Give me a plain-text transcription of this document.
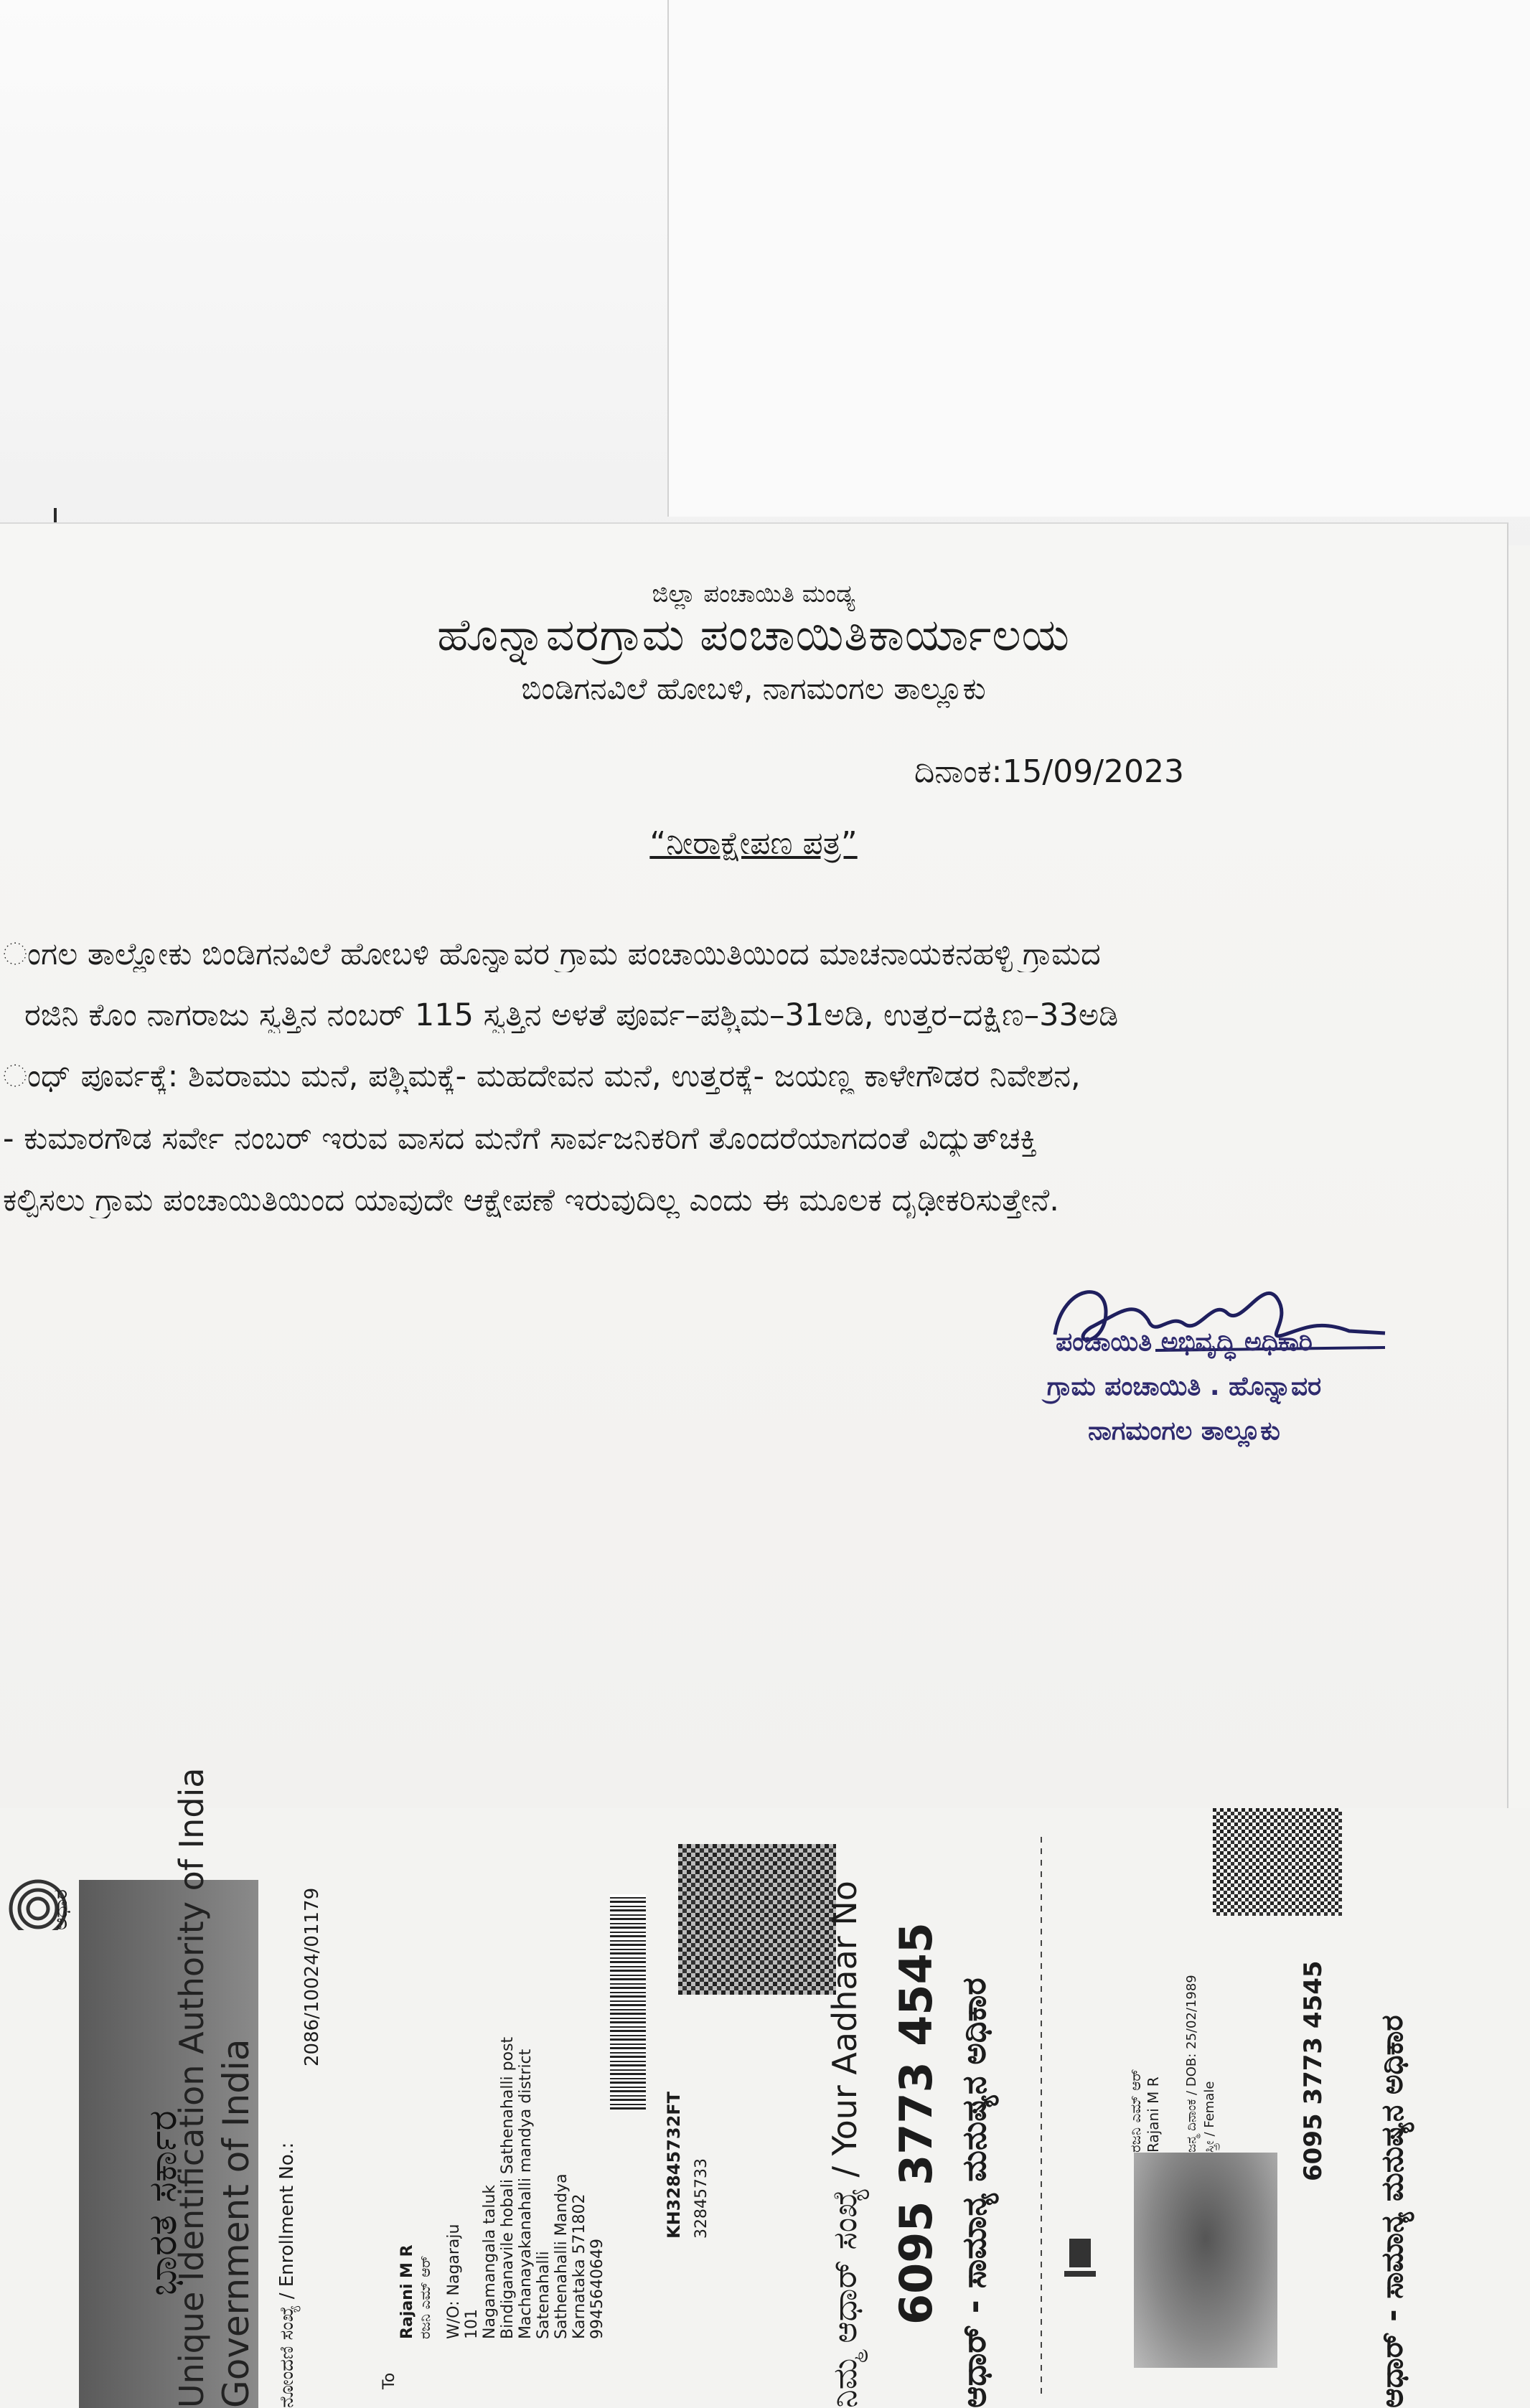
ಜಿಲ್ಲಾ ಪಂಚಾಯಿತಿ ಮಂಡ್ಯ
ಹೊನ್ನಾವರಗ್ರಾಮ ಪಂಚಾಯಿತಿಕಾರ್ಯಾಲಯ
ಬಿಂಡಿಗನವಿಲೆ ಹೋಬಳಿ, ನಾಗಮಂಗಲ ತಾಲ್ಲೂಕು
ದಿನಾಂಕ:15/09/2023
“ನೀರಾಕ್ಷೇಪಣ ಪತ್ರ”
ಂಗಲ ತಾಲ್ಲೋಕು ಬಿಂಡಿಗನವಿಲೆ ಹೋಬಳಿ ಹೊನ್ನಾವರ ಗ್ರಾಮ ಪಂಚಾಯಿತಿಯಿಂದ ಮಾಚನಾಯಕನಹಳ್ಳಿ ಗ್ರಾಮದ
ರಜಿನಿ ಕೊಂ ನಾಗರಾಜು ಸ್ವತ್ತಿನ ನಂಬರ್ 115 ಸ್ವತ್ತಿನ ಅಳತೆ ಪೂರ್ವ–ಪಶ್ಚಿಮ–31ಅಡಿ, ಉತ್ತರ–ದಕ್ಷಿಣ–33ಅಡಿ
ಂಧ್ ಪೂರ್ವಕ್ಕೆ: ಶಿವರಾಮು ಮನೆ, ಪಶ್ಚಿಮಕ್ಕೆ- ಮಹದೇವನ ಮನೆ, ಉತ್ತರಕ್ಕೆ- ಜಯಣ್ಣ ಕಾಳೇಗೌಡರ ನಿವೇಶನ,
- ಕುಮಾರಗೌಡ ಸರ್ವೇ ನಂಬರ್ ಇರುವ ವಾಸದ ಮನೆಗೆ ಸಾರ್ವಜನಿಕರಿಗೆ ತೊಂದರೆಯಾಗದಂತೆ ವಿದ್ಯುತ್‌ಚಕ್ತಿ
ಕಲ್ಪಿಸಲು ಗ್ರಾಮ ಪಂಚಾಯಿತಿಯಿಂದ ಯಾವುದೇ ಆಕ್ಷೇಪಣೆ ಇರುವುದಿಲ್ಲ ಎಂದು ಈ ಮೂಲಕ ದೃಢೀಕರಿಸುತ್ತೇನೆ.
ಪಂಚಾಯಿತಿ ಅಭಿವೃದ್ಧಿ ಅಧಿಕಾರಿ
ಗ್ರಾಮ ಪಂಚಾಯಿತಿ . ಹೊನ್ನಾವರ
ನಾಗಮಂಗಲ ತಾಲ್ಲೂಕು
ಆಧಾರ
ಭಾರತ ಸರ್ಕಾರ Government of India
Unique Identification Authority of India	ನೋಂದಣಿ ಸಂಖ್ಯೆ / Enrollment No.:
2086/10024/01179
To
Rajani M R ರಜನಿ ಎಮ್ ಆರ್ W/O: Nagaraju 101 Nagamangala taluk Bindiganavile hobali Sathenahalli post Machanayakanahalli mandya district Satenahalli Sathenahalli Mandya Karnataka 571802 9945640649
KH32845732FT 32845733	ನಿಮ್ಮ ಆಧಾರ್ ಸಂಖ್ಯೆ / Your Aadhaar No 6095 3773 4545 ಆಧಾರ್ - ಸಾಮಾನ್ಯ ಮನುಷ್ಯನ ಅಧಿಕಾರ	ರಜನಿ ಎಮ್ ಆರ್ Rajani M R ಜನ್ಮ ದಿನಾಂಕ / DOB: 25/02/1989 ಸ್ತ್ರೀ / Female	6095 3773 4545 ಆಧಾರ್ - ಸಾಮಾನ್ಯ ಮನುಷ್ಯನ ಅಧಿಕಾರ
